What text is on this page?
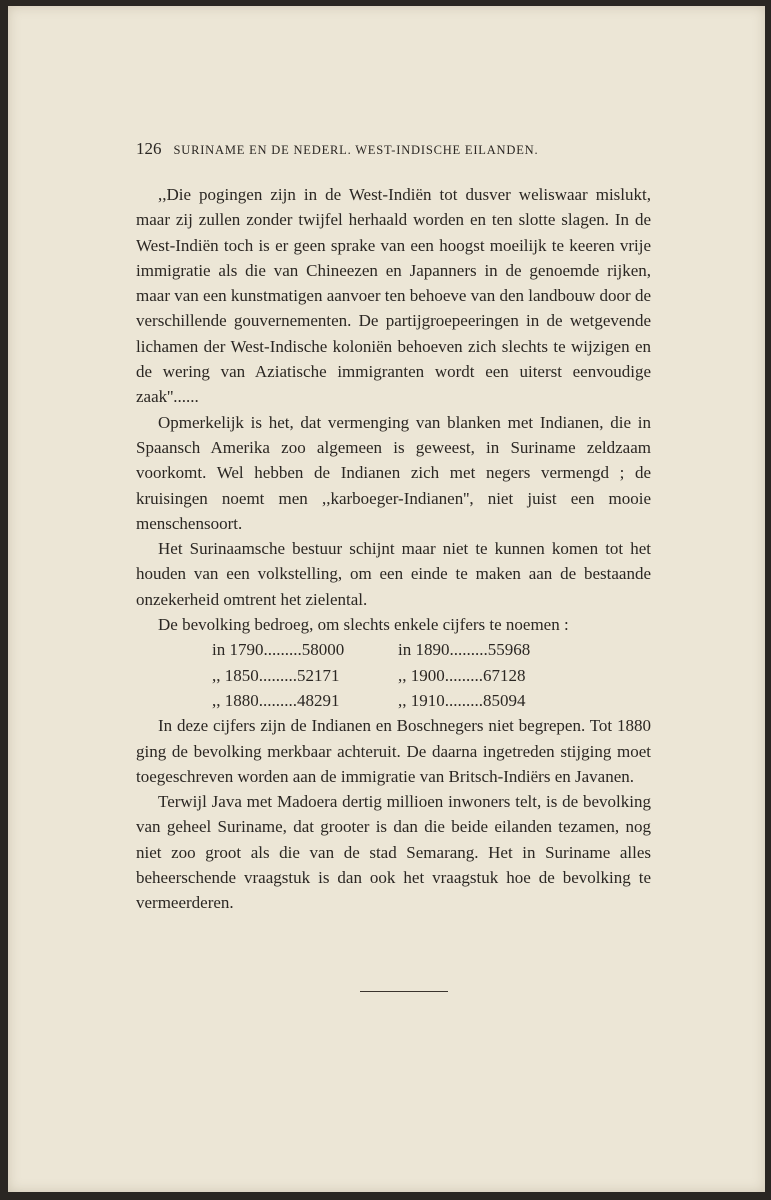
126 SURINAME EN DE NEDERL. WEST-INDISCHE EILANDEN.

,,Die pogingen zijn in de West-Indiën tot dusver weliswaar mislukt, maar zij zullen zonder twijfel herhaald worden en ten slotte slagen. In de West-Indiën toch is er geen sprake van een hoogst moeilijk te keeren vrije immigratie als die van Chineezen en Japanners in de genoemde rijken, maar van een kunstmatigen aanvoer ten behoeve van den landbouw door de verschillende gouvernementen. De partijgroepeeringen in de wetgevende lichamen der West-Indische koloniën behoeven zich slechts te wijzigen en de wering van Aziatische immigranten wordt een uiterst eenvoudige zaak''......

Opmerkelijk is het, dat vermenging van blanken met Indianen, die in Spaansch Amerika zoo algemeen is geweest, in Suriname zeldzaam voorkomt. Wel hebben de Indianen zich met negers vermengd ; de kruisingen noemt men ,,karboeger-Indianen'', niet juist een mooie menschensoort.

Het Surinaamsche bestuur schijnt maar niet te kunnen komen tot het houden van een volkstelling, om een einde te maken aan de bestaande onzekerheid omtrent het zielental.

De bevolking bedroeg, om slechts enkele cijfers te noemen :

in 1790.........58000	in 1890.........55968
,, 1850.........52171	,, 1900.........67128
,, 1880.........48291	,, 1910.........85094

In deze cijfers zijn de Indianen en Boschnegers niet begrepen. Tot 1880 ging de bevolking merkbaar achteruit. De daarna ingetreden stijging moet toegeschreven worden aan de immigratie van Britsch-Indiërs en Javanen.

Terwijl Java met Madoera dertig millioen inwoners telt, is de bevolking van geheel Suriname, dat grooter is dan die beide eilanden tezamen, nog niet zoo groot als die van de stad Semarang. Het in Suriname alles beheerschende vraagstuk is dan ook het vraagstuk hoe de bevolking te vermeerderen.
